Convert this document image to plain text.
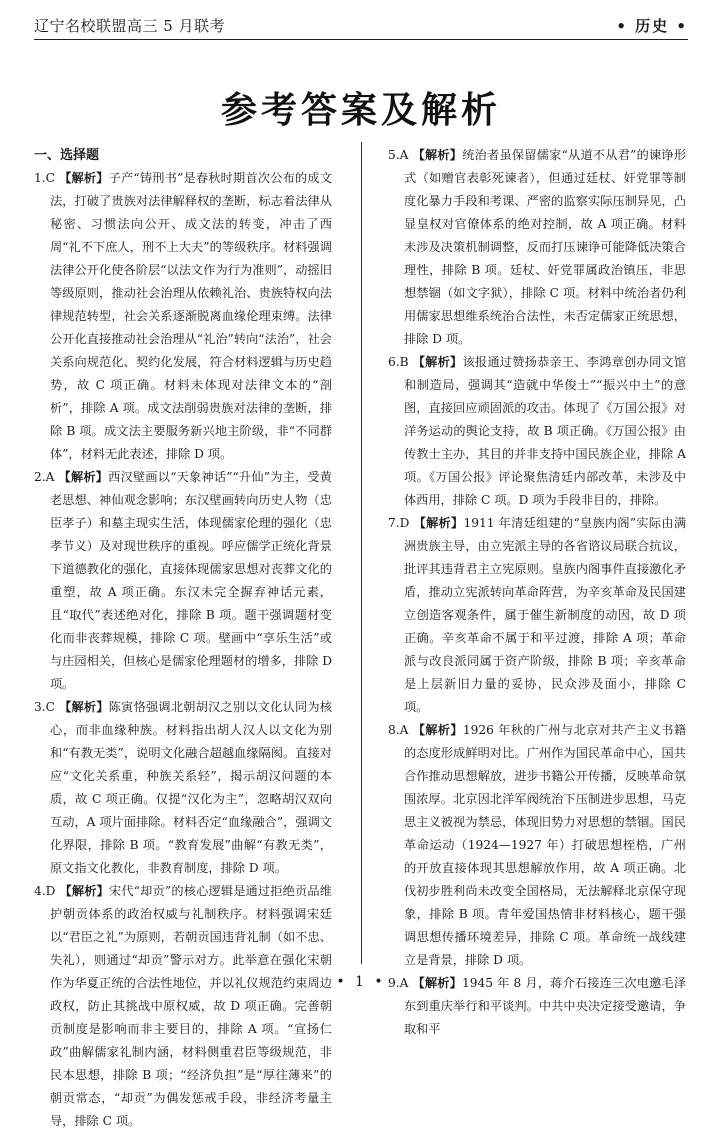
辽宁名校联盟高三 5 月联考	• 历史 •
参考答案及解析

一、选择题

1.C 【解析】子产“铸刑书”是春秋时期首次公布的成文法，打破了贵族对法律解释权的垄断，标志着法律从秘密、习惯法向公开、成文法的转变，冲击了西周“礼不下庶人，刑不上大夫”的等级秩序。材料强调法律公开化使各阶层“以法文作为行为准则”，动摇旧等级原则，推动社会治理从依赖礼治、贵族特权向法律规范转型，社会关系逐渐脱离血缘伦理束缚。法律公开化直接推动社会治理从“礼治”转向“法治”，社会关系向规范化、契约化发展，符合材料逻辑与历史趋势，故 C 项正确。材料未体现对法律文本的“剖析”，排除 A 项。成文法削弱贵族对法律的垄断，排除 B 项。成文法主要服务新兴地主阶级，非“不同群体”，材料无此表述，排除 D 项。

2.A 【解析】西汉壁画以“天象神话”“升仙”为主，受黄老思想、神仙观念影响；东汉壁画转向历史人物（忠臣孝子）和墓主现实生活，体现儒家伦理的强化（忠孝节义）及对现世秩序的重视。呼应儒学正统化背景下道德教化的强化，直接体现儒家思想对丧葬文化的重塑，故 A 项正确。东汉未完全摒弃神话元素，且“取代”表述绝对化，排除 B 项。题干强调题材变化而非丧葬规模，排除 C 项。壁画中“享乐生活”或与庄园相关，但核心是儒家伦理题材的增多，排除 D 项。

3.C 【解析】陈寅恪强调北朝胡汉之别以文化认同为核心，而非血缘种族。材料指出胡人汉人以文化为别和“有教无类”，说明文化融合超越血缘隔阂。直接对应“文化关系重，种族关系轻”，揭示胡汉问题的本质，故 C 项正确。仅提“汉化为主”，忽略胡汉双向互动，A 项片面排除。材料否定“血缘融合”，强调文化界限，排除 B 项。“教育发展”曲解“有教无类”，原文指文化教化，非教育制度，排除 D 项。

4.D 【解析】宋代“却贡”的核心逻辑是通过拒绝贡品维护朝贡体系的政治权威与礼制秩序。材料强调宋廷以“君臣之礼”为原则，若朝贡国违背礼制（如不忠、失礼），则通过“却贡”警示对方。此举意在强化宋朝作为华夏正统的合法性地位，并以礼仪规范约束周边政权，防止其挑战中原权威，故 D 项正确。完善朝贡制度是影响而非主要目的，排除 A 项。“宣扬仁政”曲解儒家礼制内涵，材料侧重君臣等级规范，非民本思想，排除 B 项；“经济负担”是“厚往薄来”的朝贡常态，“却贡”为偶发惩戒手段，非经济考量主导，排除 C 项。

5.A 【解析】统治者虽保留儒家“从道不从君”的谏诤形式（如赠官表彰死谏者），但通过廷杖、奸党罪等制度化暴力手段和考课、严密的监察实际压制异见，凸显皇权对官僚体系的绝对控制，故 A 项正确。材料未涉及决策机制调整，反而打压谏诤可能降低决策合理性，排除 B 项。廷杖、奸党罪属政治镇压，非思想禁锢（如文字狱），排除 C 项。材料中统治者仍利用儒家思想维系统治合法性，未否定儒家正统思想，排除 D 项。

6.B 【解析】该报通过赞扬恭亲王、李鸿章创办同文馆和制造局，强调其“造就中华俊士”“振兴中土”的意图，直接回应顽固派的攻击。体现了《万国公报》对洋务运动的舆论支持，故 B 项正确。《万国公报》由传教士主办，其目的并非支持中国民族企业，排除 A 项。《万国公报》评论聚焦清廷内部改革，未涉及中体西用，排除 C 项。D 项为手段非目的，排除。

7.D 【解析】1911 年清廷组建的“皇族内阁”实际由满洲贵族主导，由立宪派主导的各省谘议局联合抗议，批评其违背君主立宪原则。皇族内阁事件直接激化矛盾，推动立宪派转向革命阵营，为辛亥革命及民国建立创造客观条件，属于催生新制度的动因，故 D 项正确。辛亥革命不属于和平过渡，排除 A 项；革命派与改良派同属于资产阶级，排除 B 项；辛亥革命是上层新旧力量的妥协，民众涉及面小，排除 C 项。

8.A 【解析】1926 年秋的广州与北京对共产主义书籍的态度形成鲜明对比。广州作为国民革命中心，国共合作推动思想解放，进步书籍公开传播，反映革命氛围浓厚。北京因北洋军阀统治下压制进步思想，马克思主义被视为禁忌，体现旧势力对思想的禁锢。国民革命运动（1924—1927 年）打破思想桎梏，广州的开放直接体现其思想解放作用，故 A 项正确。北伐初步胜利尚未改变全国格局，无法解释北京保守现象，排除 B 项。青年爱国热情非材料核心，题干强调思想传播环境差异，排除 C 项。革命统一战线建立是背景，排除 D 项。

9.A 【解析】1945 年 8 月，蒋介石接连三次电邀毛泽东到重庆举行和平谈判。中共中央决定接受邀请，争取和平

• 1 •
